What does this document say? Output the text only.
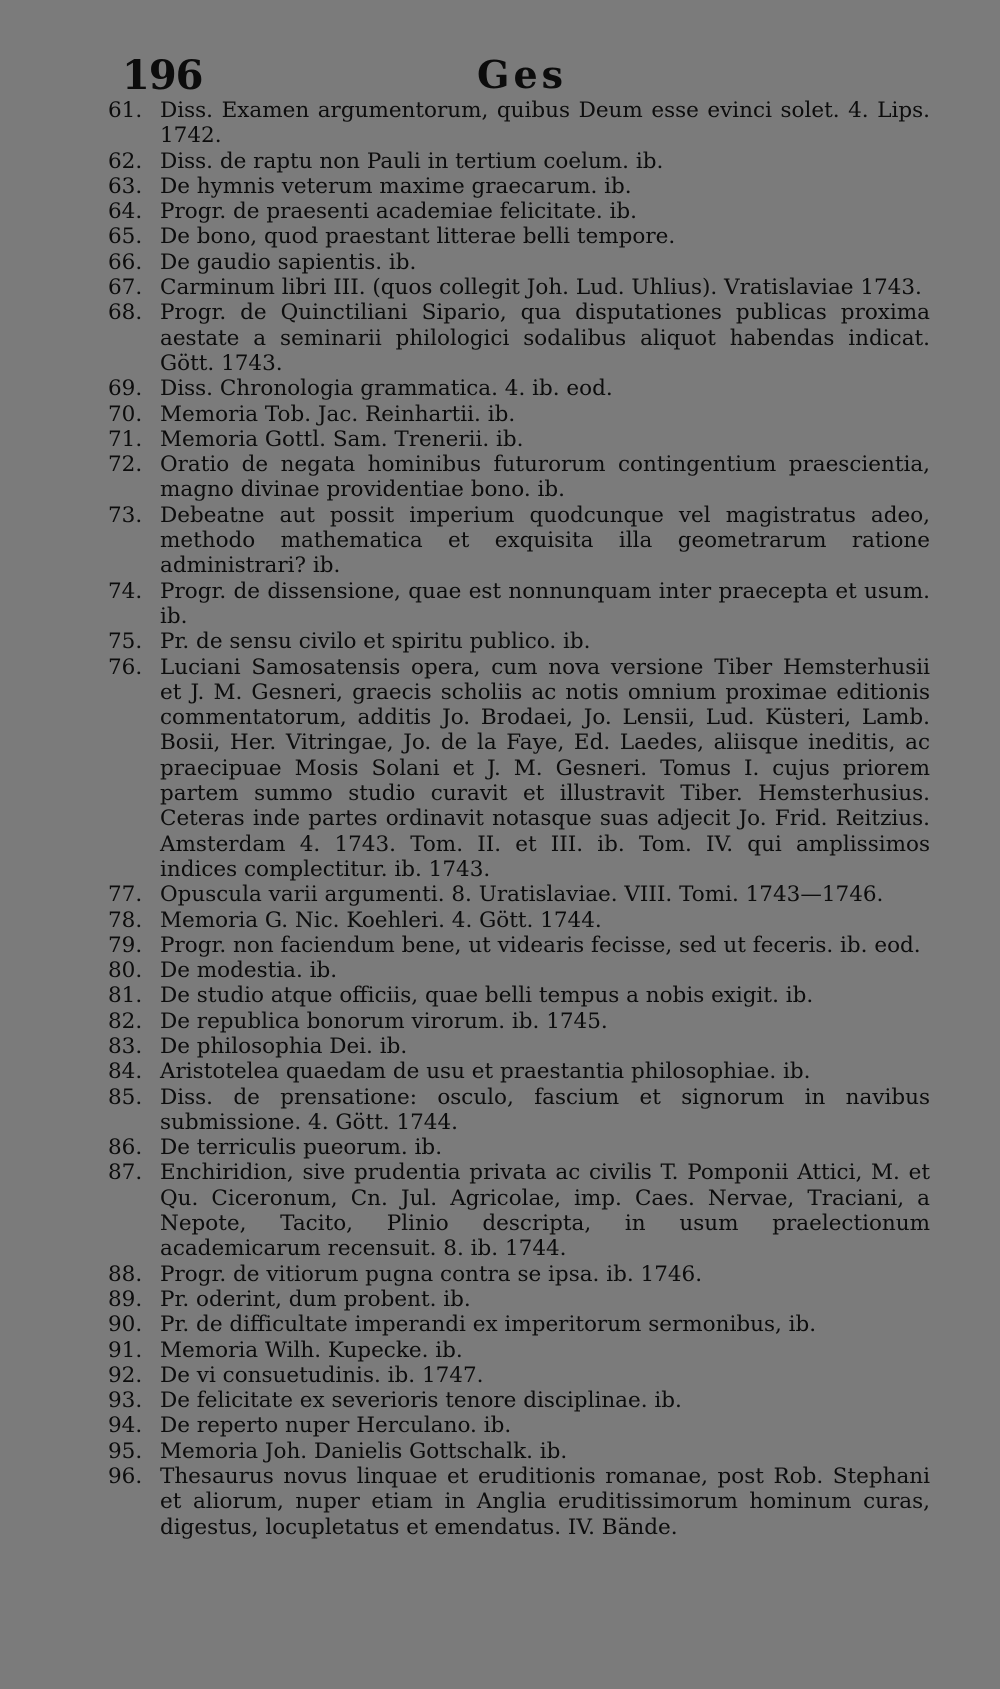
196	Ges
61. Diss. Examen argumentorum, quibus Deum esse evinci solet. 4. Lips. 1742.
62. Diss. de raptu non Pauli in tertium coelum. ib.
63. De hymnis veterum maxime graecarum. ib.
64. Progr. de praesenti academiae felicitate. ib.
65. De bono, quod praestant litterae belli tempore.
66. De gaudio sapientis. ib.
67. Carminum libri III. (quos collegit Joh. Lud. Uhlius). Vratislaviae 1743.
68. Progr. de Quinctiliani Sipario, qua disputationes publicas proxima aestate a seminarii philologici sodalibus aliquot habendas indicat. Gött. 1743.
69. Diss. Chronologia grammatica. 4. ib. eod.
70. Memoria Tob. Jac. Reinhartii. ib.
71. Memoria Gottl. Sam. Trenerii. ib.
72. Oratio de negata hominibus futurorum contingentium praescientia, magno divinae providentiae bono. ib.
73. Debeatne aut possit imperium quodcunque vel magistratus adeo, methodo mathematica et exquisita illa geometrarum ratione administrari? ib.
74. Progr. de dissensione, quae est nonnunquam inter praecepta et usum. ib.
75. Pr. de sensu civilo et spiritu publico. ib.
76. Luciani Samosatensis opera, cum nova versione Tiber Hemsterhusii et J. M. Gesneri, graecis scholiis ac notis omnium proximae editionis commentatorum, additis Jo. Brodaei, Jo. Lensii, Lud. Küsteri, Lamb. Bosii, Her. Vitringae, Jo. de la Faye, Ed. Laedes, aliisque ineditis, ac praecipuae Mosis Solani et J. M. Gesneri. Tomus I. cujus priorem partem summo studio curavit et illustravit Tiber. Hemsterhusius. Ceteras inde partes ordinavit notasque suas adjecit Jo. Frid. Reitzius. Amsterdam 4. 1743. Tom. II. et III. ib. Tom. IV. qui amplissimos indices complectitur. ib. 1743.
77. Opuscula varii argumenti. 8. Uratislaviae. VIII. Tomi. 1743—1746.
78. Memoria G. Nic. Koehleri. 4. Gött. 1744.
79. Progr. non faciendum bene, ut videaris fecisse, sed ut feceris. ib. eod.
80. De modestia. ib.
81. De studio atque officiis, quae belli tempus a nobis exigit. ib.
82. De republica bonorum virorum. ib. 1745.
83. De philosophia Dei. ib.
84. Aristotelea quaedam de usu et praestantia philosophiae. ib.
85. Diss. de prensatione: osculo, fascium et signorum in navibus submissione. 4. Gött. 1744.
86. De terriculis pueorum. ib.
87. Enchiridion, sive prudentia privata ac civilis T. Pomponii Attici, M. et Qu. Ciceronum, Cn. Jul. Agricolae, imp. Caes. Nervae, Traciani, a Nepote, Tacito, Plinio descripta, in usum praelectionum academicarum recensuit. 8. ib. 1744.
88. Progr. de vitiorum pugna contra se ipsa. ib. 1746.
89. Pr. oderint, dum probent. ib.
90. Pr. de difficultate imperandi ex imperitorum sermonibus, ib.
91. Memoria Wilh. Kupecke. ib.
92. De vi consuetudinis. ib. 1747.
93. De felicitate ex severioris tenore disciplinae. ib.
94. De reperto nuper Herculano. ib.
95. Memoria Joh. Danielis Gottschalk. ib.
96. Thesaurus novus linquae et eruditionis romanae, post Rob. Stephani et aliorum, nuper etiam in Anglia eruditissimorum hominum curas, digestus, locupletatus et emendatus. IV. Bände.
